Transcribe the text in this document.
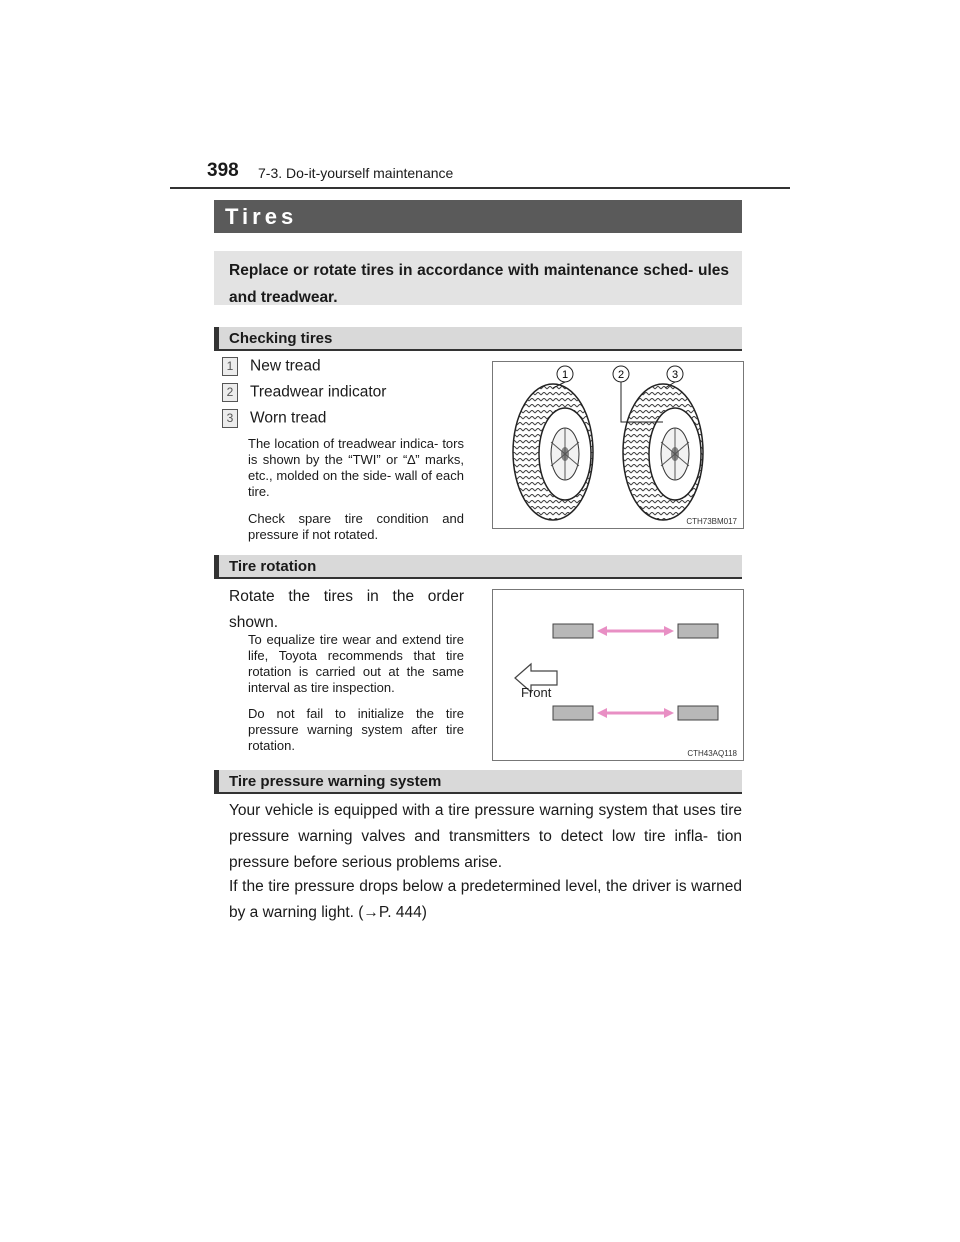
398 7-3. Do-it-yourself maintenance
Tires
Replace or rotate tires in accordance with maintenance sched- ules and treadwear.
Checking tires
1 New tread
2 Treadwear indicator
3 Worn tread
The location of treadwear indica- tors is shown by the “TWI” or “∆” marks, etc., molded on the side- wall of each tire.
Check spare tire condition and pressure if not rotated.
1	2	3
CTH73BM017
Tire rotation
Rotate the tires in the order shown.
To equalize tire wear and extend tire life, Toyota recommends that tire rotation is carried out at the same interval as tire inspection.
Do not fail to initialize the tire pressure warning system after tire rotation.
Front
CTH43AQ118
Tire pressure warning system
Your vehicle is equipped with a tire pressure warning system that uses tire pressure warning valves and transmitters to detect low tire infla- tion pressure before serious problems arise.
If the tire pressure drops below a predetermined level, the driver is warned by a warning light. (→P. 444)
